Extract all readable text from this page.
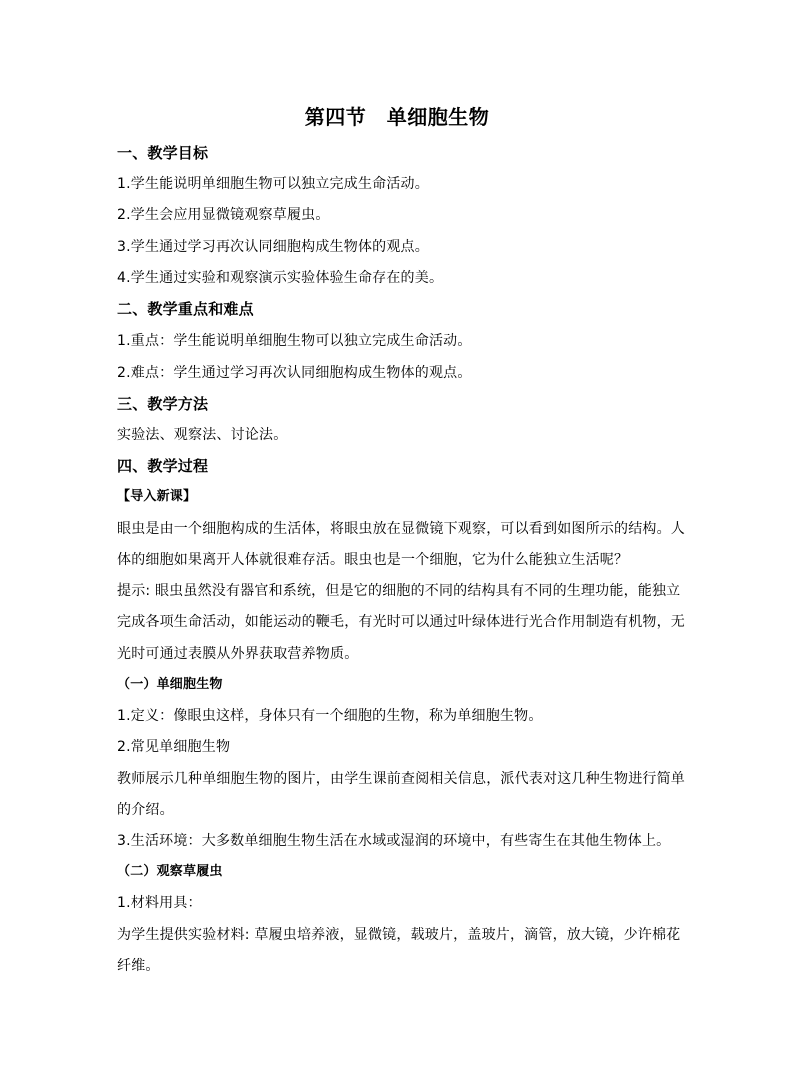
第四节　单细胞生物
一、教学目标
1.学生能说明单细胞生物可以独立完成生命活动。
2.学生会应用显微镜观察草履虫。
3.学生通过学习再次认同细胞构成生物体的观点。
4.学生通过实验和观察演示实验体验生命存在的美。
二、教学重点和难点
1.重点：学生能说明单细胞生物可以独立完成生命活动。
2.难点：学生通过学习再次认同细胞构成生物体的观点。
三、教学方法
实验法、观察法、讨论法。
四、教学过程
【导入新课】
眼虫是由一个细胞构成的生活体，将眼虫放在显微镜下观察，可以看到如图所示的结构。人
体的细胞如果离开人体就很难存活。眼虫也是一个细胞，它为什么能独立生活呢？
提示: 眼虫虽然没有器官和系统，但是它的细胞的不同的结构具有不同的生理功能，能独立
完成各项生命活动，如能运动的鞭毛，有光时可以通过叶绿体进行光合作用制造有机物，无
光时可通过表膜从外界获取营养物质。
（一）单细胞生物
1.定义：像眼虫这样，身体只有一个细胞的生物，称为单细胞生物。
2.常见单细胞生物
教师展示几种单细胞生物的图片，由学生课前查阅相关信息，派代表对这几种生物进行简单
的介绍。
3.生活环境：大多数单细胞生物生活在水域或湿润的环境中，有些寄生在其他生物体上。
（二）观察草履虫
1.材料用具：
为学生提供实验材料: 草履虫培养液，显微镜，载玻片，盖玻片，滴管，放大镜，少许棉花
纤维。
